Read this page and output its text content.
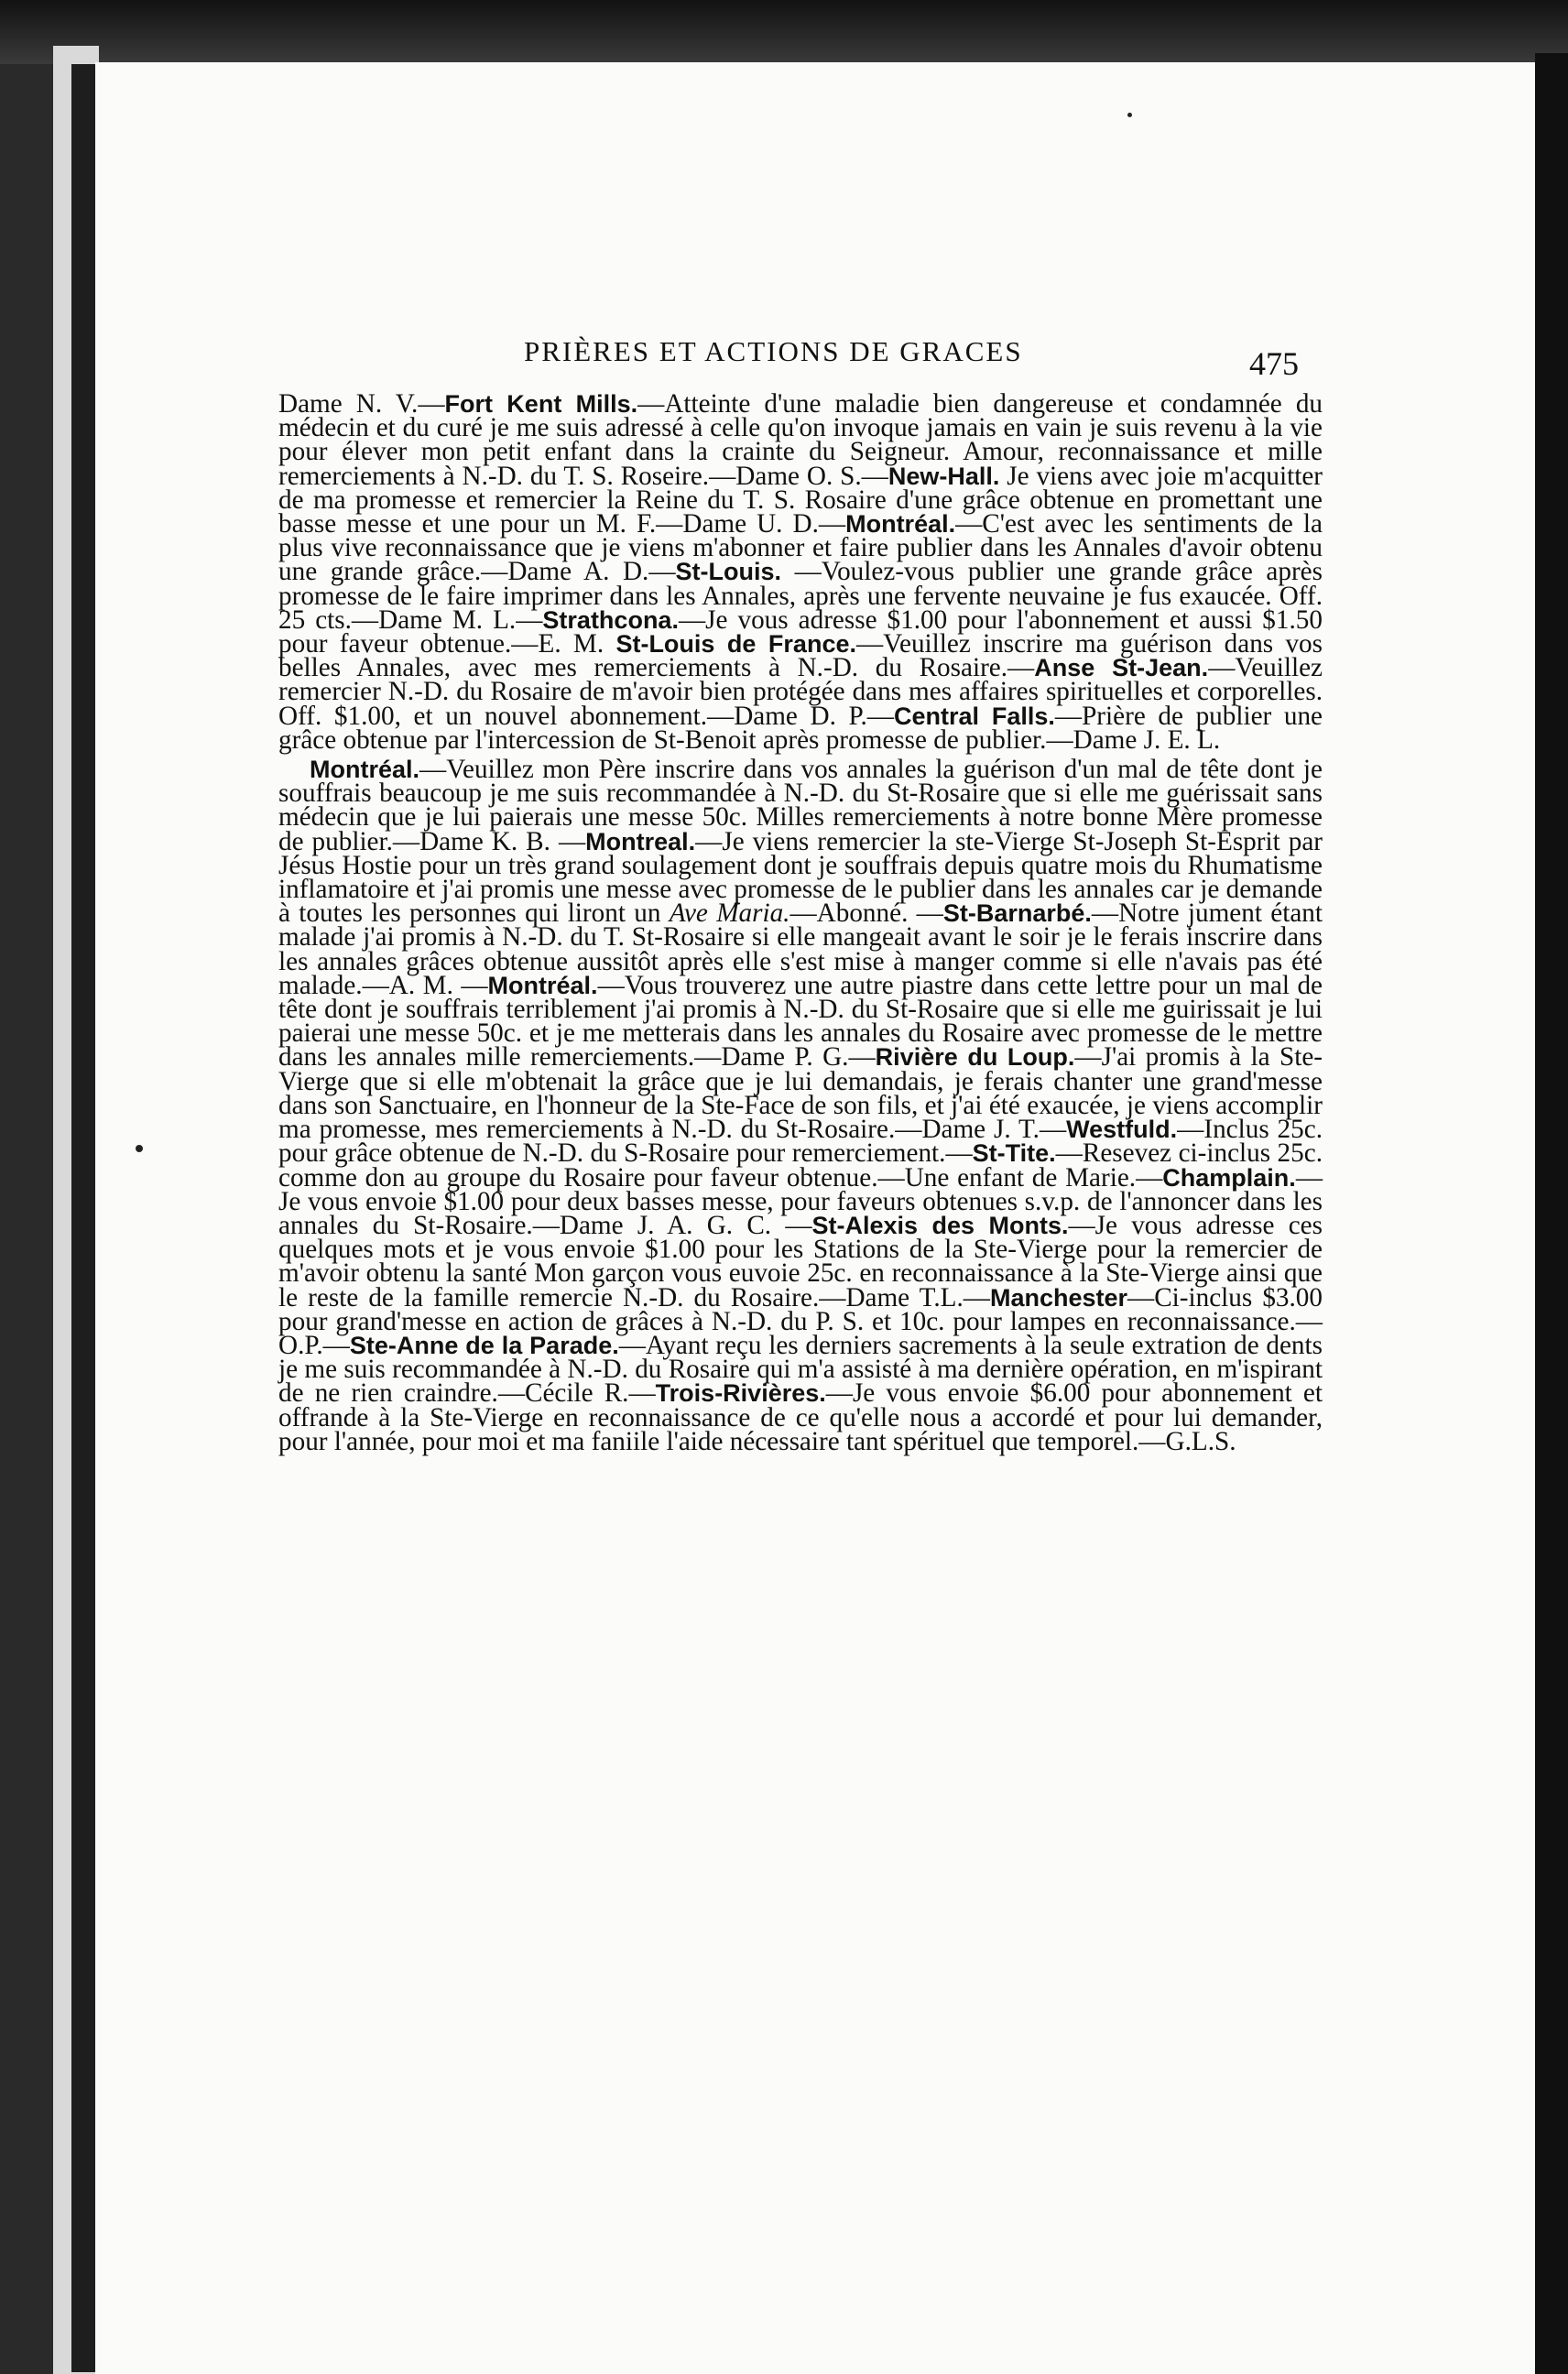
PRIÈRES ET ACTIONS DE GRACES	475

Dame N. V.—Fort Kent Mills.—Atteinte d'une maladie bien dangereuse et condamnée du médecin et du curé je me suis adressé à celle qu'on invoque jamais en vain je suis revenu à la vie pour élever mon petit enfant dans la crainte du Seigneur. Amour, reconnaissance et mille remerciements à N.-D. du T. S. Roseire.—Dame O. S.—New-Hall. Je viens avec joie m'acquitter de ma promesse et remercier la Reine du T. S. Rosaire d'une grâce obtenue en promettant une basse messe et une pour un M. F.—Dame U. D.—Montréal.—C'est avec les sentiments de la plus vive reconnaissance que je viens m'abonner et faire publier dans les Annales d'avoir obtenu une grande grâce.—Dame A. D.—St-Louis. —Voulez-vous publier une grande grâce après promesse de le faire imprimer dans les Annales, après une fervente neuvaine je fus exaucée. Off. 25 cts.—Dame M. L.—Strathcona.—Je vous adresse $1.00 pour l'abonnement et aussi $1.50 pour faveur obtenue.—E. M. St-Louis de France.—Veuillez inscrire ma guérison dans vos belles Annales, avec mes remerciements à N.-D. du Rosaire.—Anse St-Jean.—Veuillez remercier N.-D. du Rosaire de m'avoir bien protégée dans mes affaires spirituelles et corporelles. Off. $1.00, et un nouvel abonnement.—Dame D. P.—Central Falls.—Prière de publier une grâce obtenue par l'intercession de St-Benoit après promesse de publier.—Dame J. E. L.

Montréal.—Veuillez mon Père inscrire dans vos annales la guérison d'un mal de tête dont je souffrais beaucoup je me suis recommandée à N.-D. du St-Rosaire que si elle me guérissait sans médecin que je lui paierais une messe 50c. Milles remerciements à notre bonne Mère promesse de publier.—Dame K. B. —Montreal.—Je viens remercier la ste-Vierge St-Joseph St-Esprit par Jésus Hostie pour un très grand soulagement dont je souffrais depuis quatre mois du Rhumatisme inflamatoire et j'ai promis une messe avec promesse de le publier dans les annales car je demande à toutes les personnes qui liront un Ave Maria.—Abonné. —St-Barnarbé.—Notre jument étant malade j'ai promis à N.-D. du T. St-Rosaire si elle mangeait avant le soir je le ferais inscrire dans les annales grâces obtenue aussitôt après elle s'est mise à manger comme si elle n'avais pas été malade.—A. M. —Montréal.—Vous trouverez une autre piastre dans cette lettre pour un mal de tête dont je souffrais terriblement j'ai promis à N.-D. du St-Rosaire que si elle me guirissait je lui paierai une messe 50c. et je me metterais dans les annales du Rosaire avec promesse de le mettre dans les annales mille remerciements.—Dame P. G.—Rivière du Loup.—J'ai promis à la Ste-Vierge que si elle m'obtenait la grâce que je lui demandais, je ferais chanter une grand'messe dans son Sanctuaire, en l'honneur de la Ste-Face de son fils, et j'ai été exaucée, je viens accomplir ma promesse, mes remerciements à N.-D. du St-Rosaire.—Dame J. T.—Westfuld.—Inclus 25c. pour grâce obtenue de N.-D. du S-Rosaire pour remerciement.—St-Tite.—Resevez ci-inclus 25c. comme don au groupe du Rosaire pour faveur obtenue.—Une enfant de Marie.—Champlain.—Je vous envoie $1.00 pour deux basses messe, pour faveurs obtenues s.v.p. de l'annoncer dans les annales du St-Rosaire.—Dame J. A. G. C. —St-Alexis des Monts.—Je vous adresse ces quelques mots et je vous envoie $1.00 pour les Stations de la Ste-Vierge pour la remercier de m'avoir obtenu la santé Mon garçon vous euvoie 25c. en reconnaissance à la Ste-Vierge ainsi que le reste de la famille remercie N.-D. du Rosaire.—Dame T.L.—Manchester—Ci-inclus $3.00 pour grand'messe en action de grâces à N.-D. du P. S. et 10c. pour lampes en reconnaissance.—O.P.—Ste-Anne de la Parade.—Ayant reçu les derniers sacrements à la seule extration de dents je me suis recommandée à N.-D. du Rosaire qui m'a assisté à ma dernière opération, en m'ispirant de ne rien craindre.—Cécile R.—Trois-Rivières.—Je vous envoie $6.00 pour abonnement et offrande à la Ste-Vierge en reconnaissance de ce qu'elle nous a accordé et pour lui demander, pour l'année, pour moi et ma faniile l'aide nécessaire tant spérituel que temporel.—G.L.S.
